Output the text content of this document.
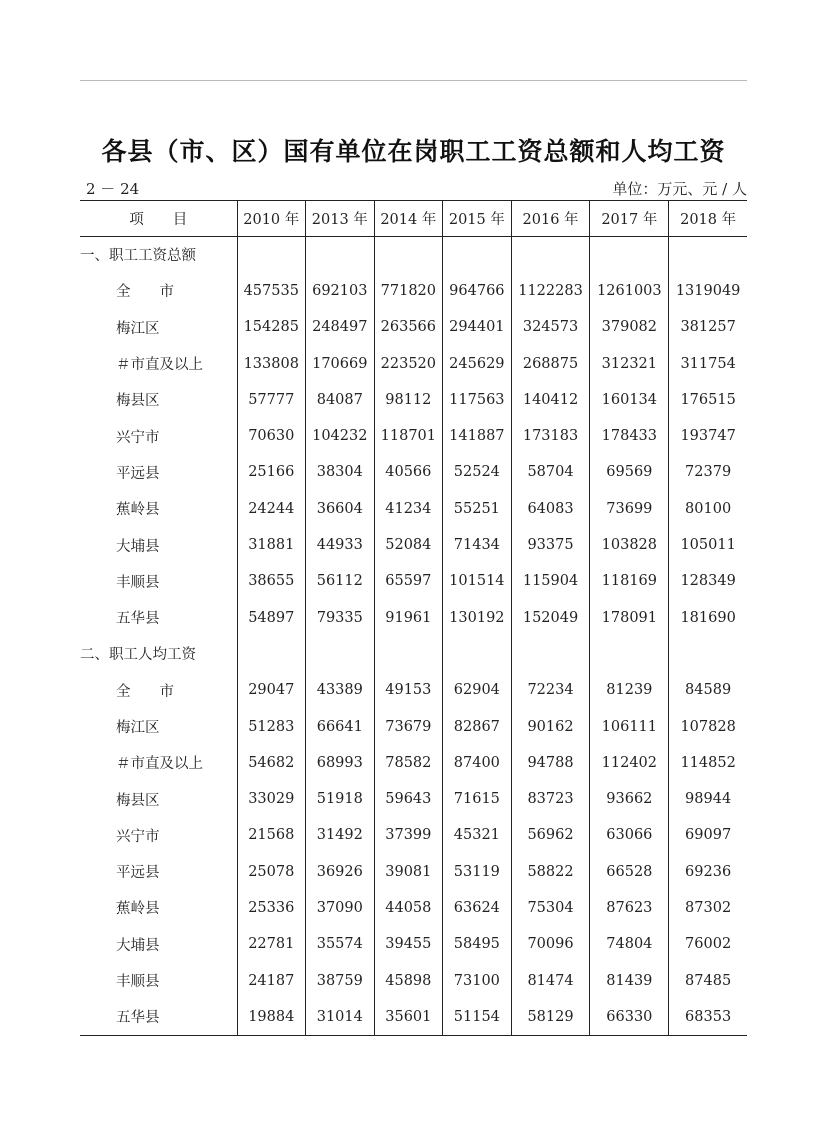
各县（市、区）国有单位在岗职工工资总额和人均工资
2 － 24	单位：万元、元 / 人
项　　目	2010 年	2013 年	2014 年	2015 年	2016 年	2017 年	2018 年
一、职工工资总额							
全　　市	457535	692103	771820	964766	1122283	1261003	1319049
梅江区	154285	248497	263566	294401	324573	379082	381257
＃市直及以上	133808	170669	223520	245629	268875	312321	311754
梅县区	57777	84087	98112	117563	140412	160134	176515
兴宁市	70630	104232	118701	141887	173183	178433	193747
平远县	25166	38304	40566	52524	58704	69569	72379
蕉岭县	24244	36604	41234	55251	64083	73699	80100
大埔县	31881	44933	52084	71434	93375	103828	105011
丰顺县	38655	56112	65597	101514	115904	118169	128349
五华县	54897	79335	91961	130192	152049	178091	181690
二、职工人均工资							
全　　市	29047	43389	49153	62904	72234	81239	84589
梅江区	51283	66641	73679	82867	90162	106111	107828
＃市直及以上	54682	68993	78582	87400	94788	112402	114852
梅县区	33029	51918	59643	71615	83723	93662	98944
兴宁市	21568	31492	37399	45321	56962	63066	69097
平远县	25078	36926	39081	53119	58822	66528	69236
蕉岭县	25336	37090	44058	63624	75304	87623	87302
大埔县	22781	35574	39455	58495	70096	74804	76002
丰顺县	24187	38759	45898	73100	81474	81439	87485
五华县	19884	31014	35601	51154	58129	66330	68353
